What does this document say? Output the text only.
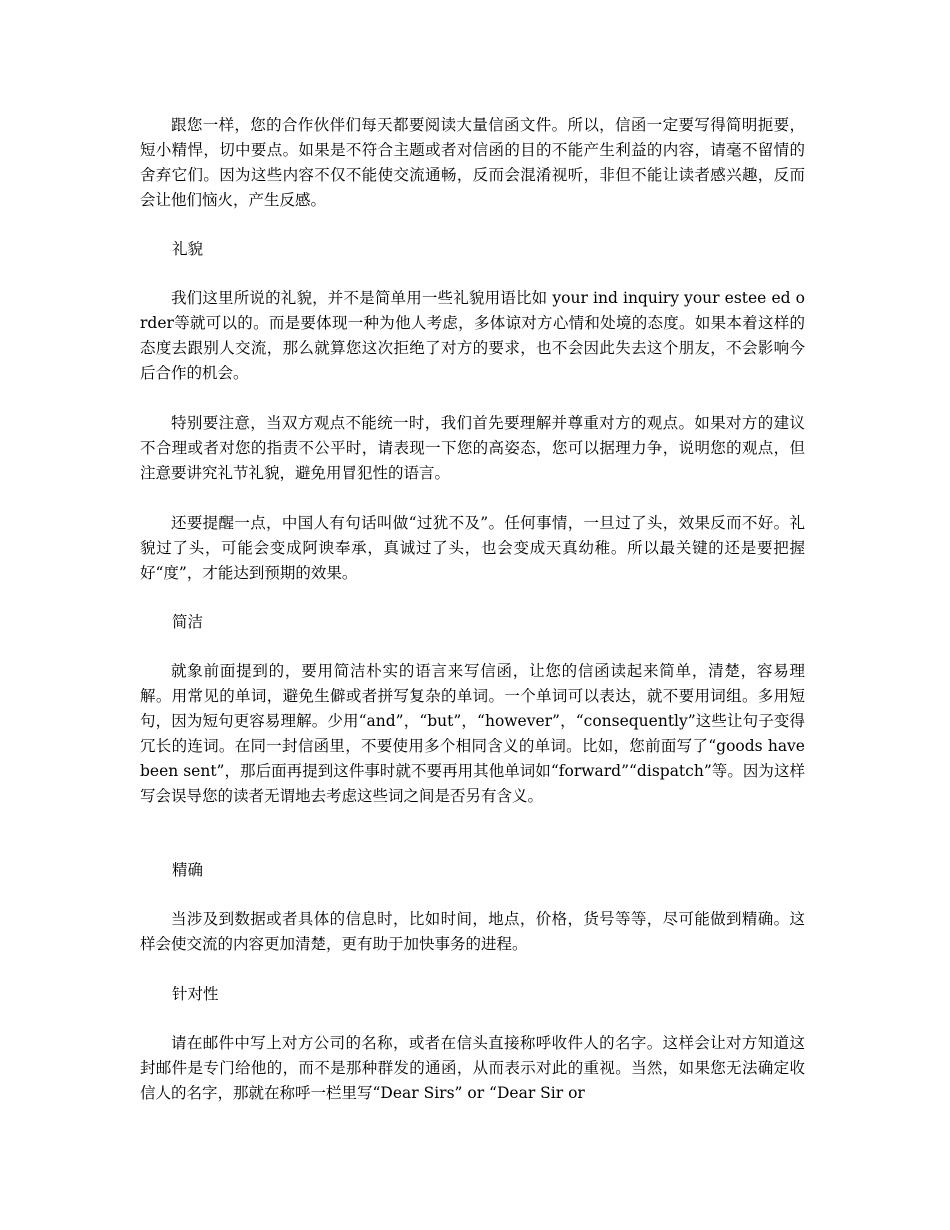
跟您一样，您的合作伙伴们每天都要阅读大量信函文件。所以，信函一定要写得简明扼要，短小精悍，切中要点。如果是不符合主题或者对信函的目的不能产生利益的内容，请毫不留情的舍弃它们。因为这些内容不仅不能使交流通畅，反而会混淆视听，非但不能让读者感兴趣，反而会让他们恼火，产生反感。

礼貌

我们这里所说的礼貌，并不是简单用一些礼貌用语比如 your ind inquiry your estee ed order等就可以的。而是要体现一种为他人考虑，多体谅对方心情和处境的态度。如果本着这样的态度去跟别人交流，那么就算您这次拒绝了对方的要求，也不会因此失去这个朋友，不会影响今后合作的机会。

特别要注意，当双方观点不能统一时，我们首先要理解并尊重对方的观点。如果对方的建议不合理或者对您的指责不公平时，请表现一下您的高姿态，您可以据理力争，说明您的观点，但注意要讲究礼节礼貌，避免用冒犯性的语言。

还要提醒一点，中国人有句话叫做“过犹不及”。任何事情，一旦过了头，效果反而不好。礼貌过了头，可能会变成阿谀奉承，真诚过了头，也会变成天真幼稚。所以最关键的还是要把握好“度”，才能达到预期的效果。

简洁

就象前面提到的，要用简洁朴实的语言来写信函，让您的信函读起来简单，清楚，容易理解。用常见的单词，避免生僻或者拼写复杂的单词。一个单词可以表达，就不要用词组。多用短句，因为短句更容易理解。少用“and”，“but”，“however”，“consequently”这些让句子变得冗长的连词。在同一封信函里，不要使用多个相同含义的单词。比如，您前面写了“goods have been sent”，那后面再提到这件事时就不要再用其他单词如“forward”“dispatch”等。因为这样写会误导您的读者无谓地去考虑这些词之间是否另有含义。

精确

当涉及到数据或者具体的信息时，比如时间，地点，价格，货号等等，尽可能做到精确。这样会使交流的内容更加清楚，更有助于加快事务的进程。

针对性

请在邮件中写上对方公司的名称，或者在信头直接称呼收件人的名字。这样会让对方知道这封邮件是专门给他的，而不是那种群发的通函，从而表示对此的重视。当然，如果您无法确定收信人的名字，那就在称呼一栏里写“Dear Sirs” or “Dear Sir or
